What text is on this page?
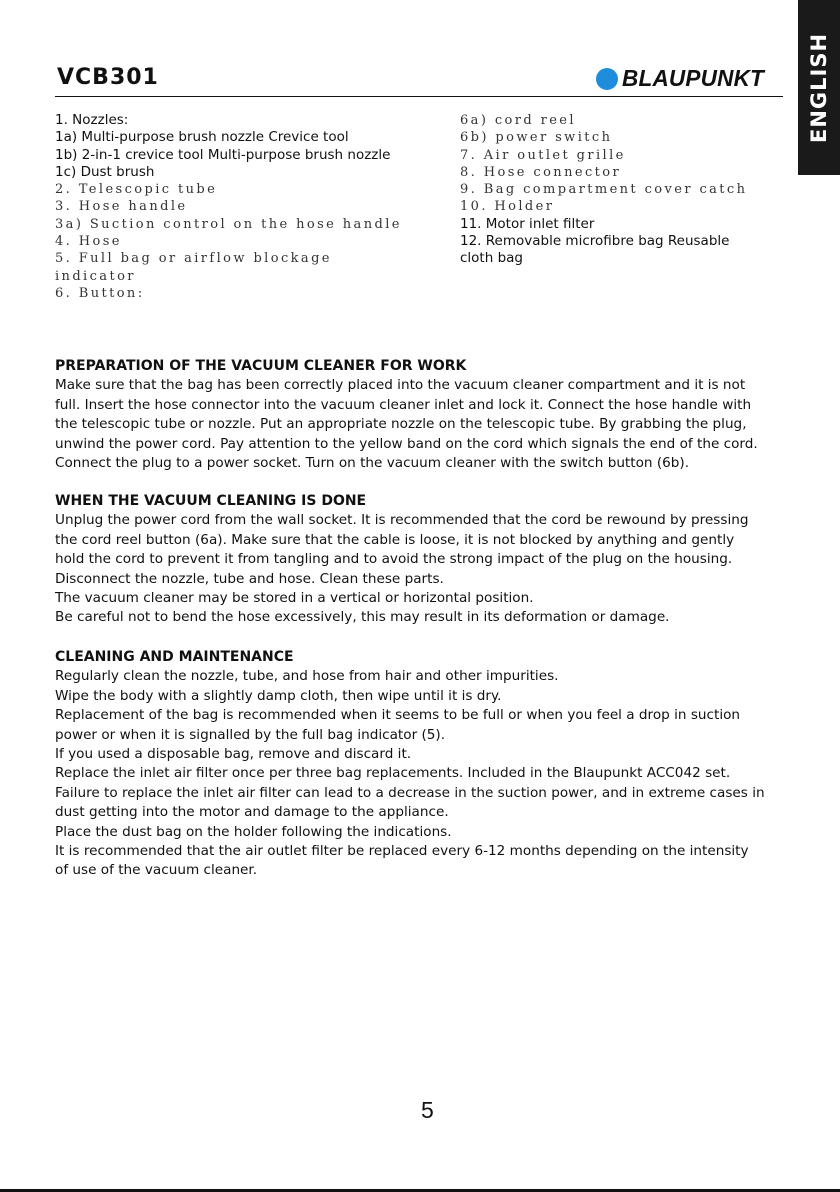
ENGLISH
VCB301	BLAUPUNKT
1. Nozzles:
1a) Multi-purpose brush nozzle Crevice tool
1b) 2-in-1 crevice tool Multi-purpose brush nozzle
1c) Dust brush
2. Telescopic tube
3. Hose handle
3a) Suction control on the hose handle
4. Hose
5. Full bag or airflow blockage
indicator
6. Button:
6a) cord reel
6b) power switch
7. Air outlet grille
8. Hose connector
9. Bag compartment cover catch
10. Holder
11. Motor inlet filter
12. Removable microfibre bag Reusable
cloth bag
PREPARATION OF THE VACUUM CLEANER FOR WORK
Make sure that the bag has been correctly placed into the vacuum cleaner compartment and it is not
full. Insert the hose connector into the vacuum cleaner inlet and lock it. Connect the hose handle with
the telescopic tube or nozzle. Put an appropriate nozzle on the telescopic tube. By grabbing the plug,
unwind the power cord. Pay attention to the yellow band on the cord which signals the end of the cord.
Connect the plug to a power socket. Turn on the vacuum cleaner with the switch button (6b).
WHEN THE VACUUM CLEANING IS DONE
Unplug the power cord from the wall socket. It is recommended that the cord be rewound by pressing
the cord reel button (6a). Make sure that the cable is loose, it is not blocked by anything and gently
hold the cord to prevent it from tangling and to avoid the strong impact of the plug on the housing.
Disconnect the nozzle, tube and hose. Clean these parts.
The vacuum cleaner may be stored in a vertical or horizontal position.
Be careful not to bend the hose excessively, this may result in its deformation or damage.
CLEANING AND MAINTENANCE
Regularly clean the nozzle, tube, and hose from hair and other impurities.
Wipe the body with a slightly damp cloth, then wipe until it is dry.
Replacement of the bag is recommended when it seems to be full or when you feel a drop in suction
power or when it is signalled by the full bag indicator (5).
If you used a disposable bag, remove and discard it.
Replace the inlet air filter once per three bag replacements. Included in the Blaupunkt ACC042 set.
Failure to replace the inlet air filter can lead to a decrease in the suction power, and in extreme cases in
dust getting into the motor and damage to the appliance.
Place the dust bag on the holder following the indications.
It is recommended that the air outlet filter be replaced every 6-12 months depending on the intensity
of use of the vacuum cleaner.
5
